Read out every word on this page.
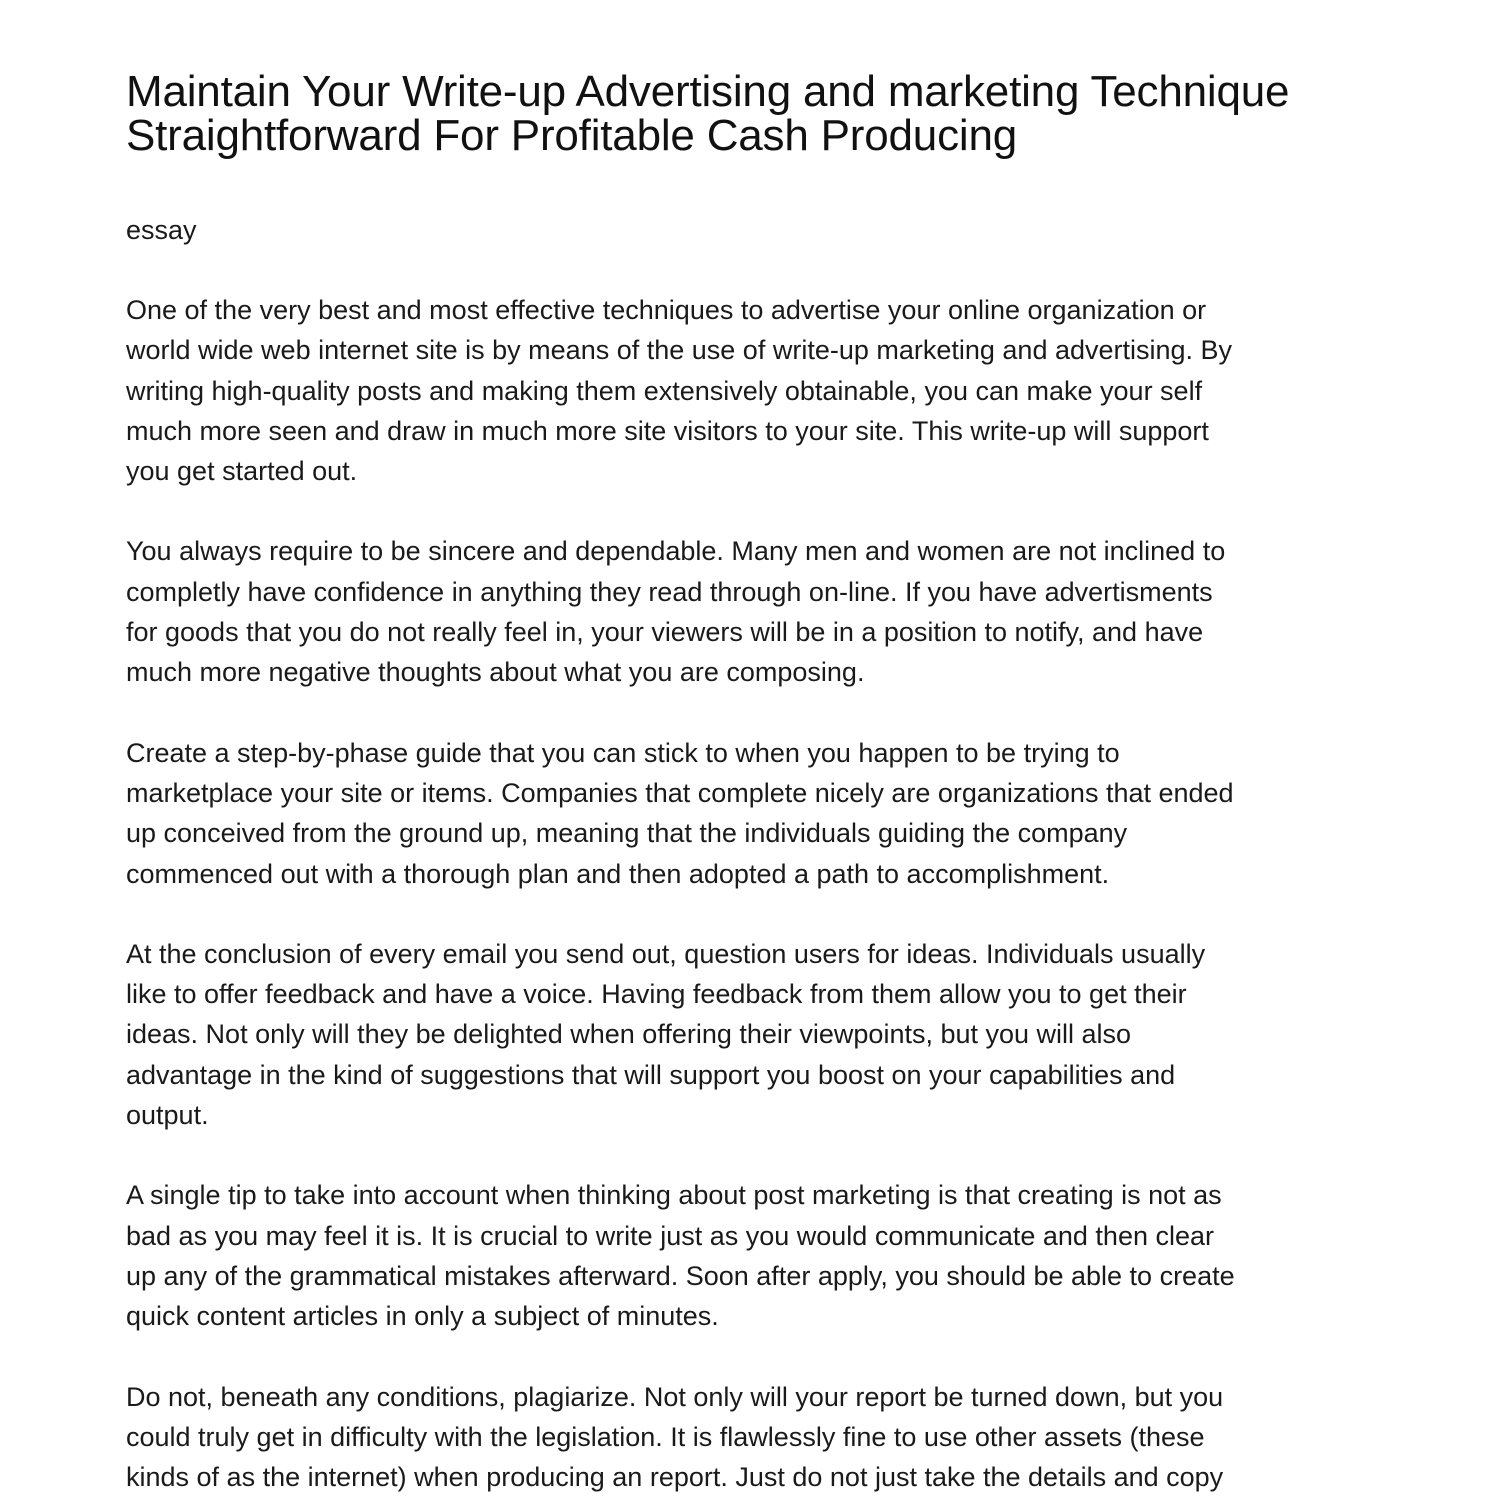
Maintain Your Write-up Advertising and marketing Technique
Straightforward For Profitable Cash Producing

essay

One of the very best and most effective techniques to advertise your online organization or
world wide web internet site is by means of the use of write-up marketing and advertising. By
writing high-quality posts and making them extensively obtainable, you can make your self
much more seen and draw in much more site visitors to your site. This write-up will support
you get started out.

You always require to be sincere and dependable. Many men and women are not inclined to
completly have confidence in anything they read through on-line. If you have advertisments
for goods that you do not really feel in, your viewers will be in a position to notify, and have
much more negative thoughts about what you are composing.

Create a step-by-phase guide that you can stick to when you happen to be trying to
marketplace your site or items. Companies that complete nicely are organizations that ended
up conceived from the ground up, meaning that the individuals guiding the company
commenced out with a thorough plan and then adopted a path to accomplishment.

At the conclusion of every email you send out, question users for ideas. Individuals usually
like to offer feedback and have a voice. Having feedback from them allow you to get their
ideas. Not only will they be delighted when offering their viewpoints, but you will also
advantage in the kind of suggestions that will support you boost on your capabilities and
output.

A single tip to take into account when thinking about post marketing is that creating is not as
bad as you may feel it is. It is crucial to write just as you would communicate and then clear
up any of the grammatical mistakes afterward. Soon after apply, you should be able to create
quick content articles in only a subject of minutes.

Do not, beneath any conditions, plagiarize. Not only will your report be turned down, but you
could truly get in difficulty with the legislation. It is flawlessly fine to use other assets (these
kinds of as the internet) when producing an report. Just do not just take the details and copy
